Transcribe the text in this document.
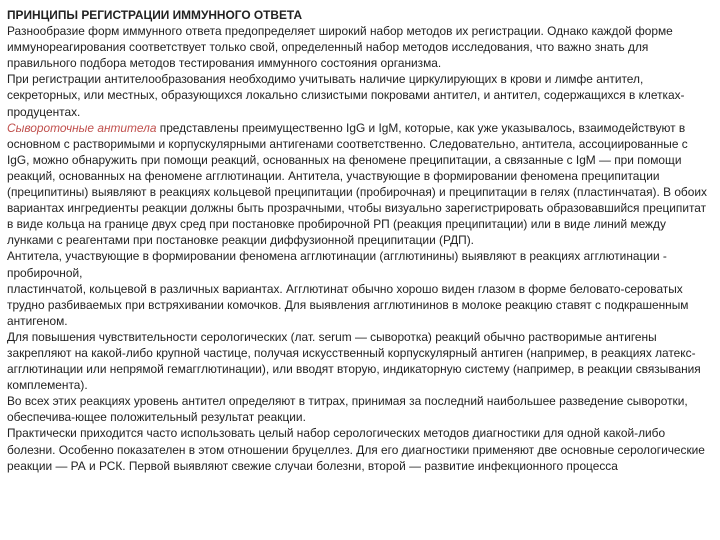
ПРИНЦИПЫ РЕГИСТРАЦИИ ИММУННОГО ОТВЕТА

Разнообразие форм иммунного ответа предопределяет широкий набор методов их регистрации. Однако каждой форме иммунореагирования соответствует только свой, определенный набор методов исследования, что важно знать для правильного подбора методов тестирования иммунного состояния организма.

При регистрации антителообразования необходимо учитывать наличие циркулирующих в крови и лимфе антител, секреторных, или местных, образующихся локально слизистыми покровами антител, и антител, содержащихся в клетках-продуцентах.

Сывороточные антитела представлены преимущественно IgG и IgM, которые, как уже указывалось, взаимодействуют в основном с растворимыми и корпускулярными антигенами соответственно. Следовательно, антитела, ассоциированные с IgG, можно обнаружить при помощи реакций, основанных на феномене преципитации, а связанные с IgM — при помощи реакций, основанных на феномене агглютинации. Антитела, участвующие в формировании феномена преципитации (преципитины) выявляют в реакциях кольцевой преципитации (пробирочная) и преципитации в гелях (пластинчатая). В обоих вариантах ингредиенты реакции должны быть прозрачными, чтобы визуально зарегистрировать образовавшийся преципитат в виде кольца на границе двух сред при постановке пробирочной РП (реакция преципитации) или в виде линий между лунками с реагентами при постановке реакции диффузионной преципитации (РДП).

Антитела, участвующие в формировании феномена агглютинации (агглютинины) выявляют в реакциях агглютинации - пробирочной,

пластинчатой, кольцевой в различных вариантах. Агглютинат обычно хорошо виден глазом в форме беловато-сероватых трудно разбиваемых при встряхивании комочков. Для выявления агглютининов в молоке реакцию ставят с подкрашенным антигеном.

Для повышения чувствительности серологических (лат. serum — сыворотка) реакций обычно растворимые антигены закрепляют на какой-либо крупной частице, получая искусственный корпускулярный антиген (например, в реакциях латекс-агглютинации или непрямой гемагглютинации), или вводят вторую, индикаторную систему (например, в реакции связывания комплемента).

Во всех этих реакциях уровень антител определяют в титрах, принимая за последний наибольшее разведение сыворотки, обеспечива-ющее положительный результат реакции.

Практически приходится часто использовать целый набор серологических методов диагностики для одной какой-либо болезни. Особенно показателен в этом отношении бруцеллез. Для его диагностики применяют две основные серологические реакции — РА и РСК. Первой выявляют свежие случаи болезни, второй — развитие инфекционного процесса
